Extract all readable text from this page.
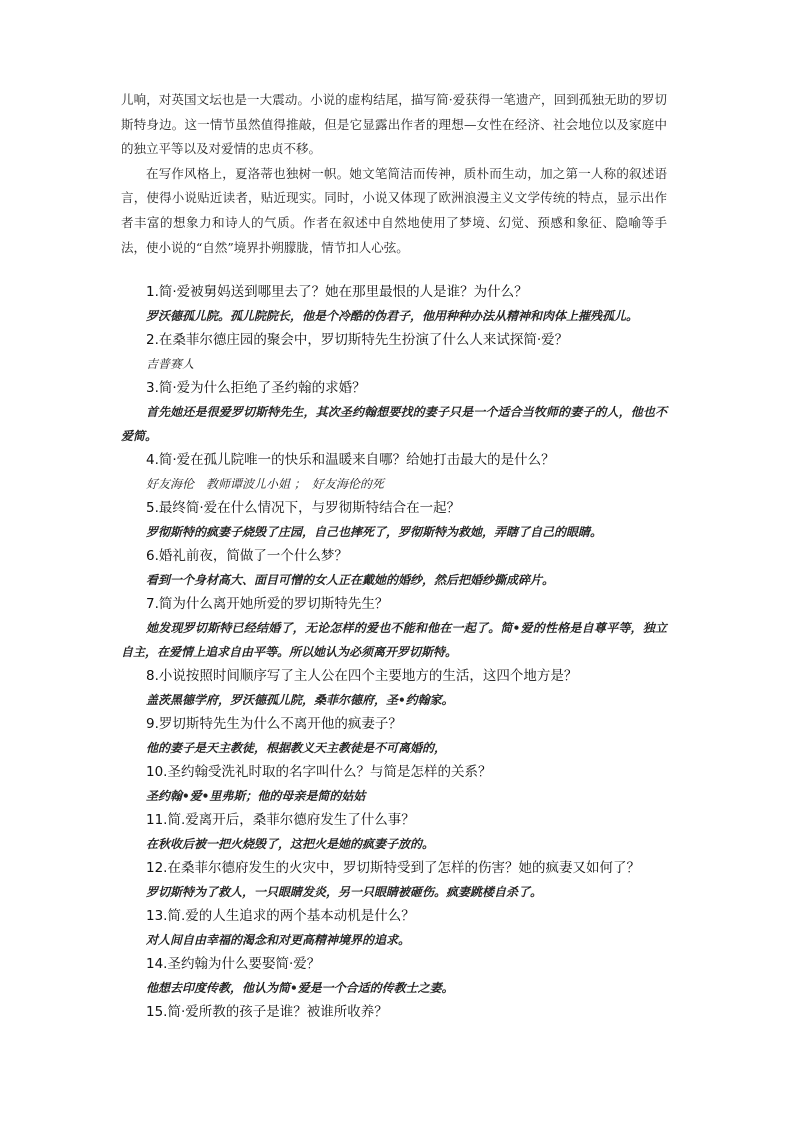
儿响，对英国文坛也是一大震动。小说的虚构结尾，描写简·爱获得一笔遗产，回到孤独无助的罗切斯特身边。这一情节虽然值得推敲，但是它显露出作者的理想—女性在经济、社会地位以及家庭中的独立平等以及对爱情的忠贞不移。

在写作风格上，夏洛蒂也独树一帜。她文笔简洁而传神，质朴而生动，加之第一人称的叙述语言，使得小说贴近读者，贴近现实。同时，小说又体现了欧洲浪漫主义文学传统的特点，显示出作者丰富的想象力和诗人的气质。作者在叙述中自然地使用了梦境、幻觉、预感和象征、隐喻等手法，使小说的“自然”境界扑朔朦胧，情节扣人心弦。

1.简·爱被舅妈送到哪里去了？她在那里最恨的人是谁？为什么？

罗沃德孤儿院。孤儿院院长，他是个冷酷的伪君子，他用种种办法从精神和肉体上摧残孤儿。

2.在桑菲尔德庄园的聚会中，罗切斯特先生扮演了什么人来试探简·爱？

吉普赛人

3.简·爱为什么拒绝了圣约翰的求婚？

首先她还是很爱罗切斯特先生，其次圣约翰想要找的妻子只是一个适合当牧师的妻子的人，他也不爱简。

4.简·爱在孤儿院唯一的快乐和温暖来自哪？给她打击最大的是什么？

好友海伦　教师谭波儿小姐 ；　好友海伦的死

5.最终简·爱在什么情况下，与罗彻斯特结合在一起？

罗彻斯特的疯妻子烧毁了庄园，自己也摔死了，罗彻斯特为救她，弄瞎了自己的眼睛。

6.婚礼前夜，简做了一个什么梦？

看到一个身材高大、面目可憎的女人正在戴她的婚纱，然后把婚纱撕成碎片。

7.简为什么离开她所爱的罗切斯特先生？

她发现罗切斯特已经结婚了，无论怎样的爱也不能和他在一起了。简•爱的性格是自尊平等，独立自主，在爱情上追求自由平等。所以她认为必须离开罗切斯特。

8.小说按照时间顺序写了主人公在四个主要地方的生活，这四个地方是？

盖茨黑德学府，罗沃德孤儿院，桑菲尔德府，圣•约翰家。

9.罗切斯特先生为什么不离开他的疯妻子？

他的妻子是天主教徒，根据教义天主教徒是不可离婚的，

10.圣约翰受洗礼时取的名字叫什么？与简是怎样的关系？

圣约翰•爱•里弗斯；他的母亲是简的姑姑

11.简.爱离开后，桑菲尔德府发生了什么事？

在秋收后被一把火烧毁了，这把火是她的疯妻子放的。

12.在桑菲尔德府发生的火灾中，罗切斯特受到了怎样的伤害？她的疯妻又如何了？

罗切斯特为了救人，一只眼睛发炎，另一只眼睛被砸伤。疯妻跳楼自杀了。

13.简.爱的人生追求的两个基本动机是什么？

对人间自由幸福的渴念和对更高精神境界的追求。

14.圣约翰为什么要娶简·爱？

他想去印度传教，他认为简•爱是一个合适的传教士之妻。

15.简·爱所教的孩子是谁？被谁所收养？
